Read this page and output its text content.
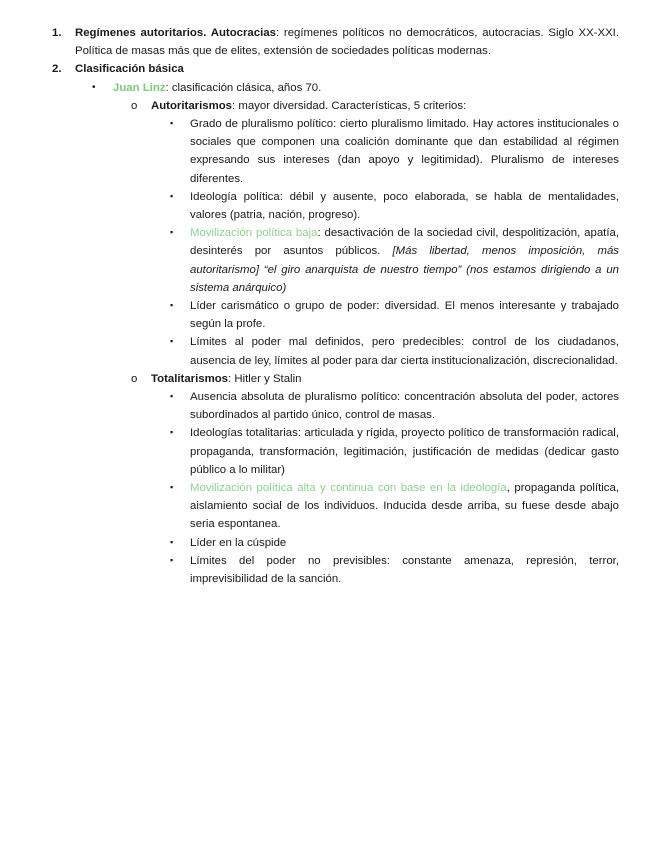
1. Regímenes autoritarios. Autocracias: regímenes políticos no democráticos, autocracias. Siglo XX-XXI. Política de masas más que de elites, extensión de sociedades políticas modernas.
2. Clasificación básica
• Juan Linz: clasificación clásica, años 70.
o Autoritarismos: mayor diversidad. Características, 5 criterios:
▪ Grado de pluralismo político: cierto pluralismo limitado. Hay actores institucionales o sociales que componen una coalición dominante que dan estabilidad al régimen expresando sus intereses (dan apoyo y legitimidad). Pluralismo de intereses diferentes.
▪ Ideología política: débil y ausente, poco elaborada, se habla de mentalidades, valores (patria, nación, progreso).
▪ Movilización política baja: desactivación de la sociedad civil, despolitización, apatía, desinterés por asuntos públicos. [Más libertad, menos imposición, más autoritarismo] “el giro anarquista de nuestro tiempo” (nos estamos dirigiendo a un sistema anárquico)
▪ Líder carismático o grupo de poder: diversidad. El menos interesante y trabajado según la profe.
▪ Límites al poder mal definidos, pero predecibles: control de los ciudadanos, ausencia de ley, límites al poder para dar cierta institucionalización, discrecionalidad.
o Totalitarismos: Hitler y Stalin
▪ Ausencia absoluta de pluralismo político: concentración absoluta del poder, actores subordinados al partido único, control de masas.
▪ Ideologías totalitarias: articulada y rígida, proyecto político de transformación radical, propaganda, transformación, legitimación, justificación de medidas (dedicar gasto público a lo militar)
▪ Movilización política alta y continua con base en la ideología, propaganda política, aislamiento social de los individuos. Inducida desde arriba, su fuese desde abajo seria espontanea.
▪ Líder en la cúspide
▪ Límites del poder no previsibles: constante amenaza, represión, terror, imprevisibilidad de la sanción.
